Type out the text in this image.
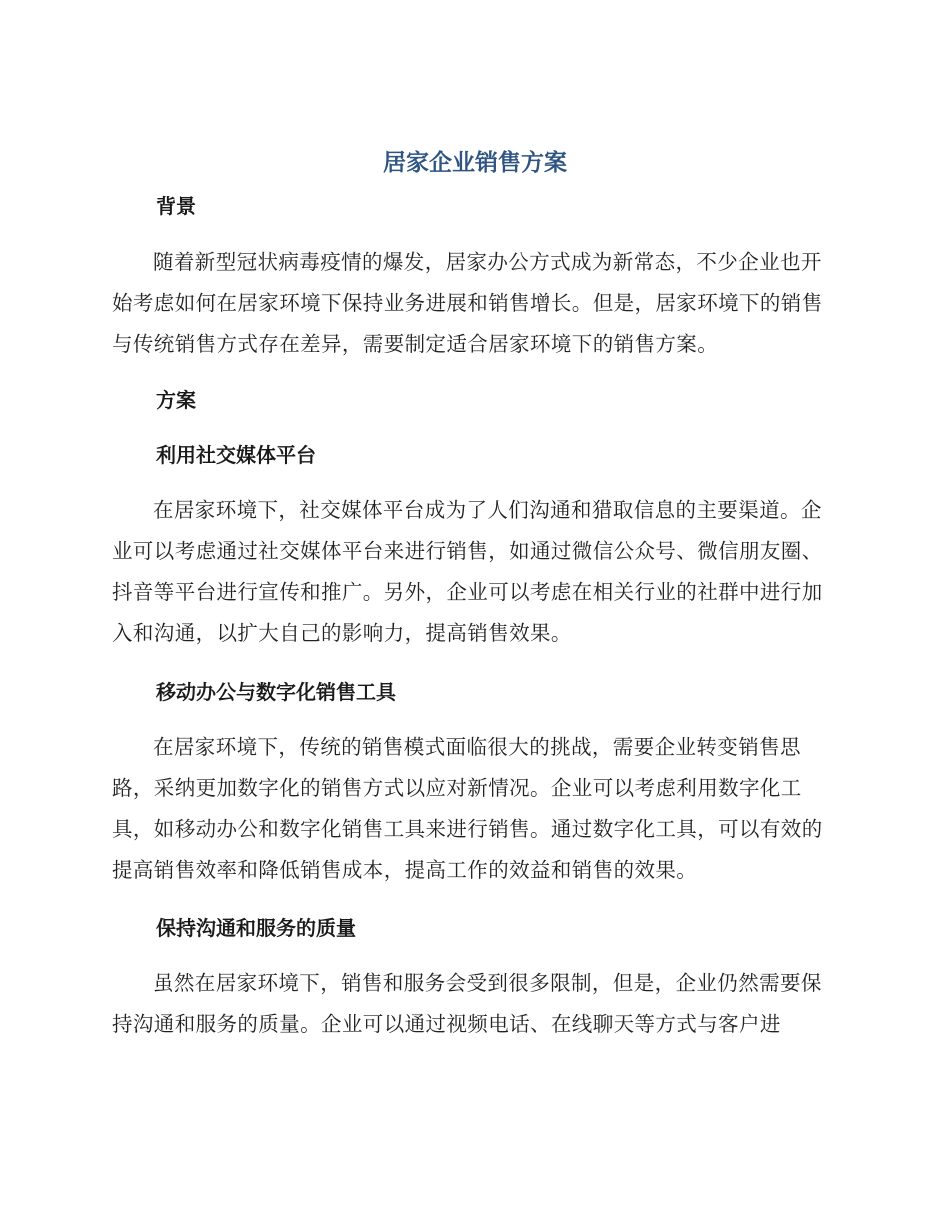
居家企业销售方案
背景

随着新型冠状病毒疫情的爆发，居家办公方式成为新常态，不少企业也开始考虑如何在居家环境下保持业务进展和销售增长。但是，居家环境下的销售与传统销售方式存在差异，需要制定适合居家环境下的销售方案。

方案
利用社交媒体平台

在居家环境下，社交媒体平台成为了人们沟通和猎取信息的主要渠道。企业可以考虑通过社交媒体平台来进行销售，如通过微信公众号、微信朋友圈、抖音等平台进行宣传和推广。另外，企业可以考虑在相关行业的社群中进行加入和沟通，以扩大自己的影响力，提高销售效果。

移动办公与数字化销售工具

在居家环境下，传统的销售模式面临很大的挑战，需要企业转变销售思路，采纳更加数字化的销售方式以应对新情况。企业可以考虑利用数字化工具，如移动办公和数字化销售工具来进行销售。通过数字化工具，可以有效的提高销售效率和降低销售成本，提高工作的效益和销售的效果。

保持沟通和服务的质量

虽然在居家环境下，销售和服务会受到很多限制，但是，企业仍然需要保持沟通和服务的质量。企业可以通过视频电话、在线聊天等方式与客户进
